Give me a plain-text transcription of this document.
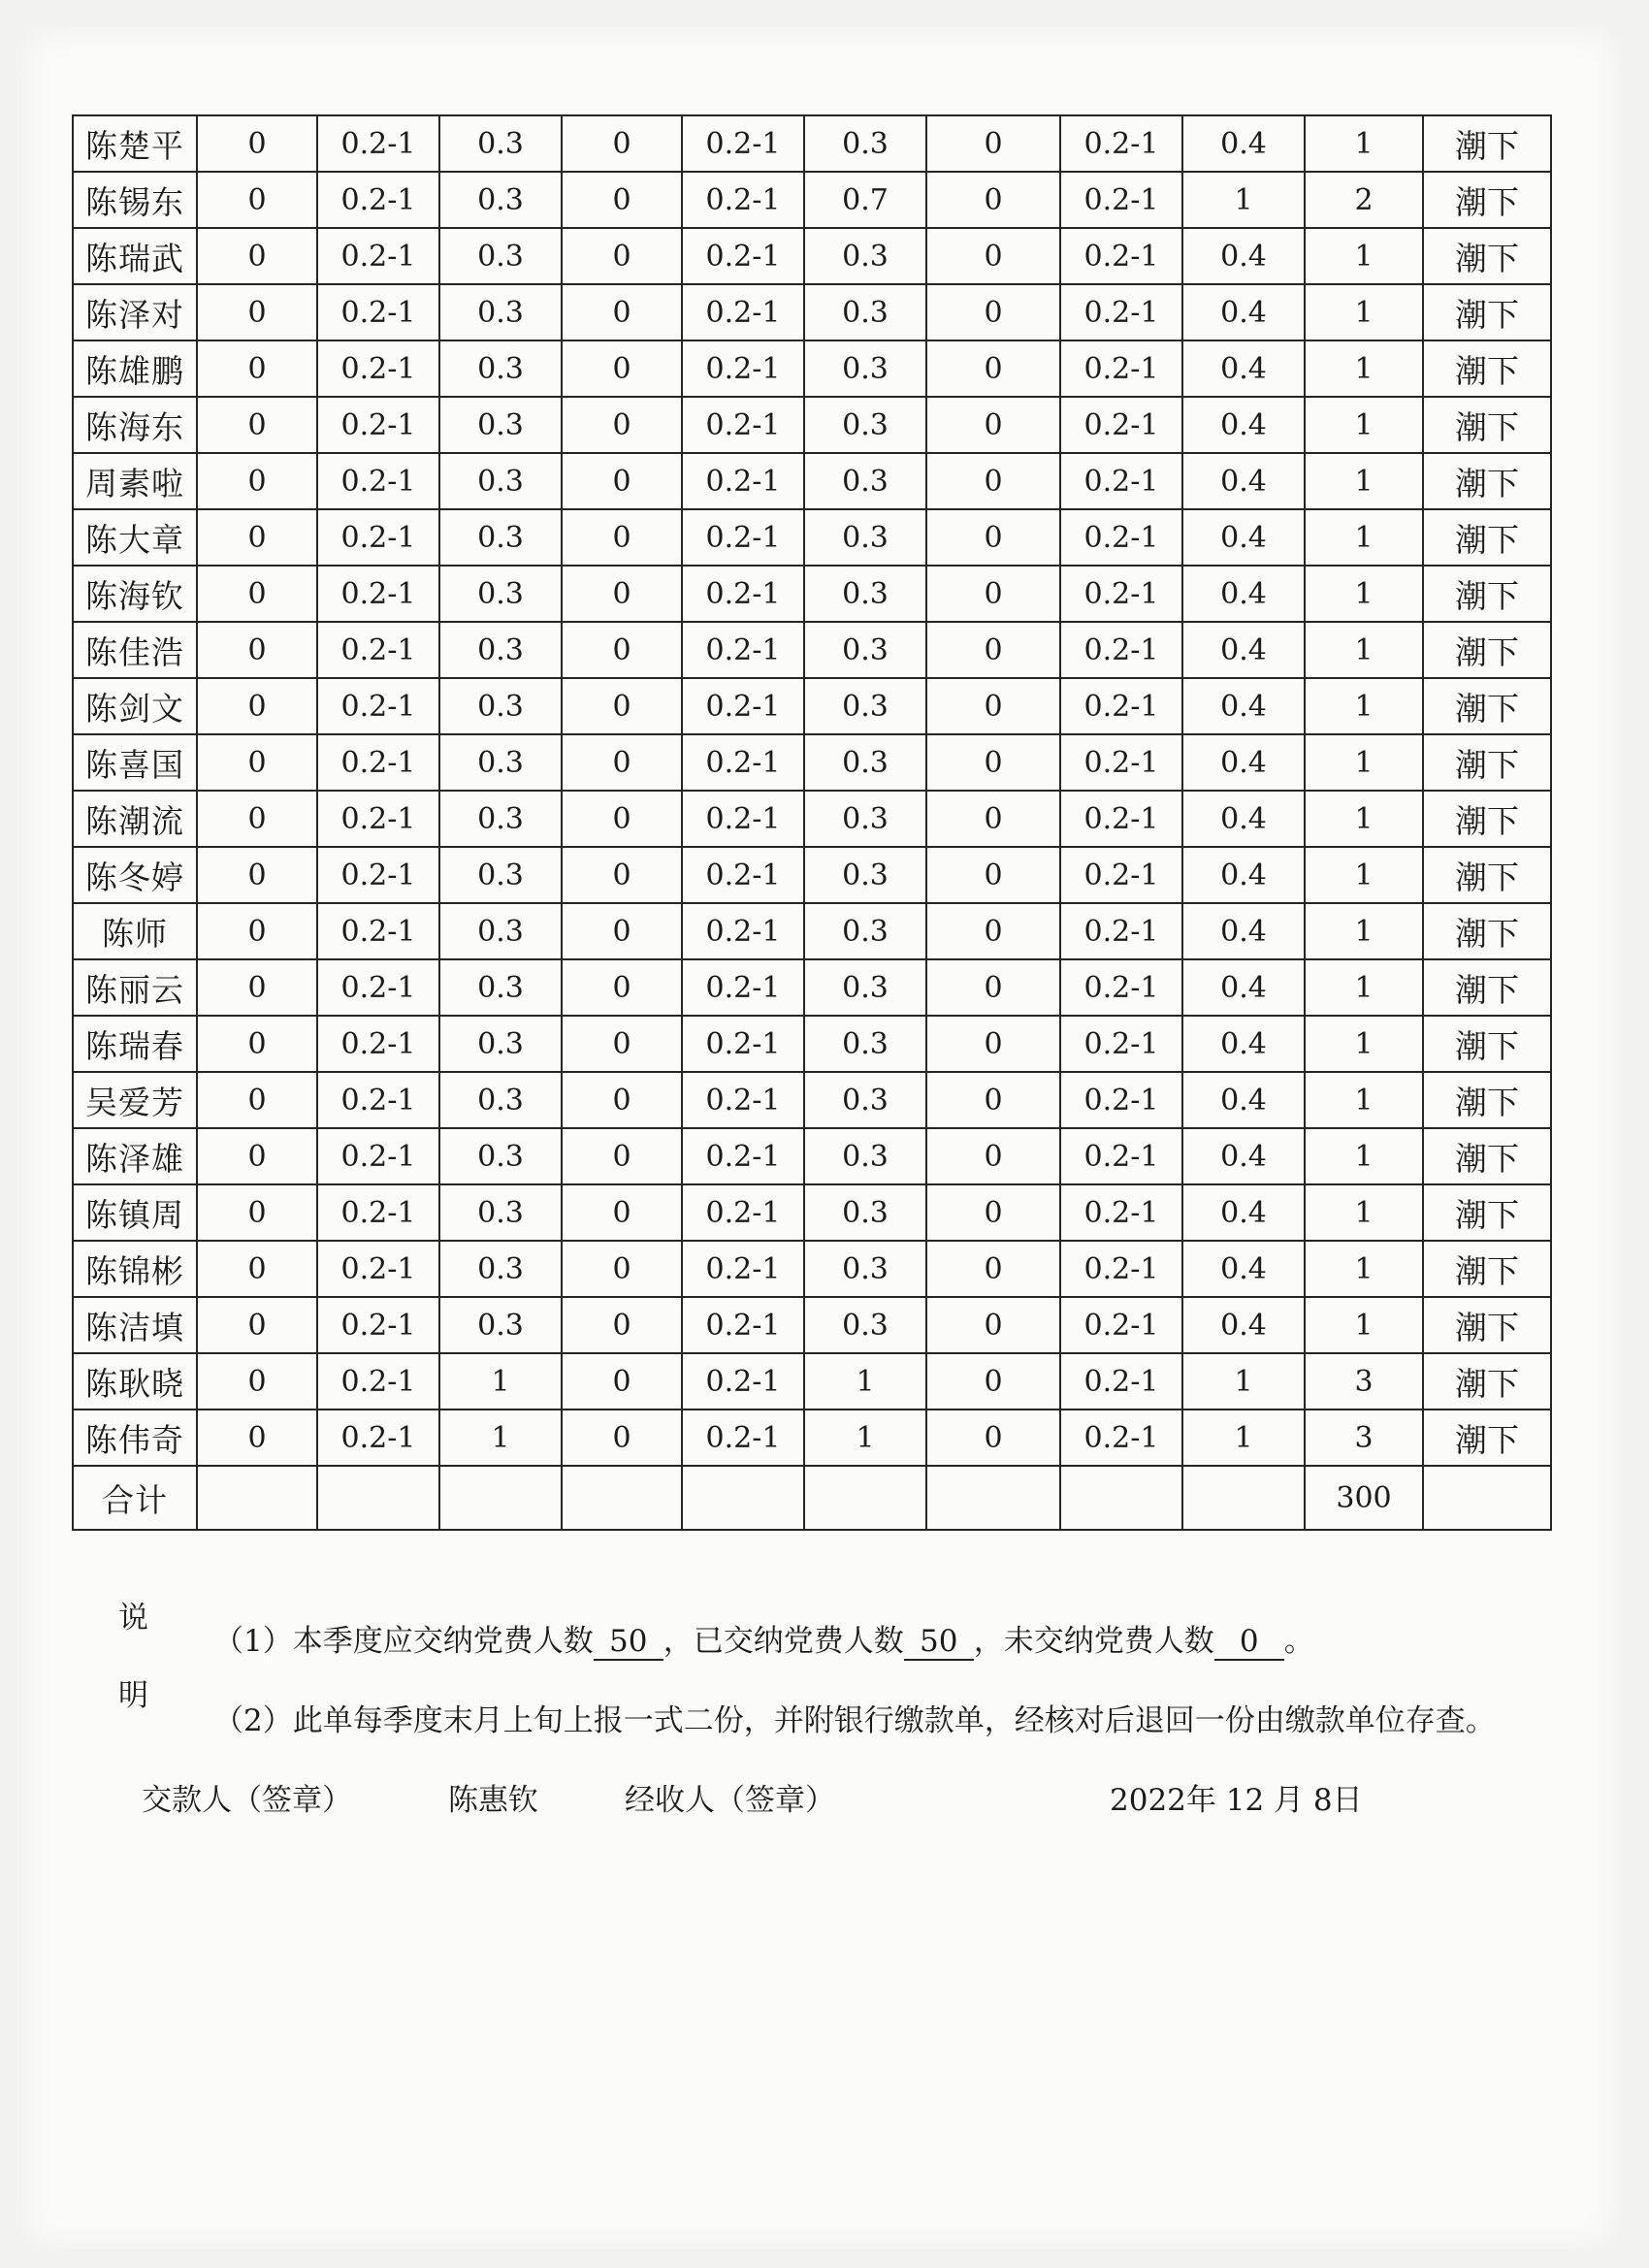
陈楚平	0	0.2-1	0.3	0	0.2-1	0.3	0	0.2-1	0.4	1	潮下
陈锡东	0	0.2-1	0.3	0	0.2-1	0.7	0	0.2-1	1	2	潮下
陈瑞武	0	0.2-1	0.3	0	0.2-1	0.3	0	0.2-1	0.4	1	潮下
陈泽对	0	0.2-1	0.3	0	0.2-1	0.3	0	0.2-1	0.4	1	潮下
陈雄鹏	0	0.2-1	0.3	0	0.2-1	0.3	0	0.2-1	0.4	1	潮下
陈海东	0	0.2-1	0.3	0	0.2-1	0.3	0	0.2-1	0.4	1	潮下
周素啦	0	0.2-1	0.3	0	0.2-1	0.3	0	0.2-1	0.4	1	潮下
陈大章	0	0.2-1	0.3	0	0.2-1	0.3	0	0.2-1	0.4	1	潮下
陈海钦	0	0.2-1	0.3	0	0.2-1	0.3	0	0.2-1	0.4	1	潮下
陈佳浩	0	0.2-1	0.3	0	0.2-1	0.3	0	0.2-1	0.4	1	潮下
陈剑文	0	0.2-1	0.3	0	0.2-1	0.3	0	0.2-1	0.4	1	潮下
陈喜国	0	0.2-1	0.3	0	0.2-1	0.3	0	0.2-1	0.4	1	潮下
陈潮流	0	0.2-1	0.3	0	0.2-1	0.3	0	0.2-1	0.4	1	潮下
陈冬婷	0	0.2-1	0.3	0	0.2-1	0.3	0	0.2-1	0.4	1	潮下
陈师	0	0.2-1	0.3	0	0.2-1	0.3	0	0.2-1	0.4	1	潮下
陈丽云	0	0.2-1	0.3	0	0.2-1	0.3	0	0.2-1	0.4	1	潮下
陈瑞春	0	0.2-1	0.3	0	0.2-1	0.3	0	0.2-1	0.4	1	潮下
吴爱芳	0	0.2-1	0.3	0	0.2-1	0.3	0	0.2-1	0.4	1	潮下
陈泽雄	0	0.2-1	0.3	0	0.2-1	0.3	0	0.2-1	0.4	1	潮下
陈镇周	0	0.2-1	0.3	0	0.2-1	0.3	0	0.2-1	0.4	1	潮下
陈锦彬	0	0.2-1	0.3	0	0.2-1	0.3	0	0.2-1	0.4	1	潮下
陈洁填	0	0.2-1	0.3	0	0.2-1	0.3	0	0.2-1	0.4	1	潮下
陈耿晓	0	0.2-1	1	0	0.2-1	1	0	0.2-1	1	3	潮下
陈伟奇	0	0.2-1	1	0	0.2-1	1	0	0.2-1	1	3	潮下
合计										300	
说
明
（1）本季度应交纳党费人数 50 ，已交纳党费人数 50 ，未交纳党费人数 0 。
（2）此单每季度末月上旬上报一式二份，并附银行缴款单，经核对后退回一份由缴款单位存查。
交款人（签章）	陈惠钦	经收人（签章）	2022年 12 月 8日
